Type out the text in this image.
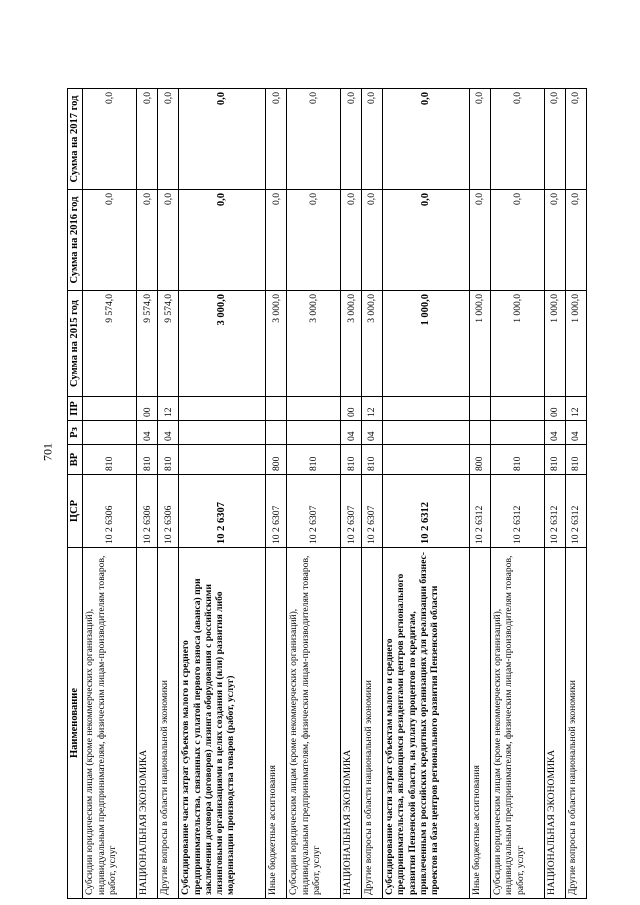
701
Наименование	ЦСР	ВР	Рз	ПР	Сумма на 2015 год	Сумма на 2016 год	Сумма на 2017 год
Субсидии юридическим лицам (кроме некоммерческих организаций), индивидуальным предпринимателям, физическим лицам-производителям товаров, работ, услуг	10 2 6306	810			9 574,0	0,0	0,0
НАЦИОНАЛЬНАЯ ЭКОНОМИКА	10 2 6306	810	04	00	9 574,0	0,0	0,0
Другие вопросы в области национальной экономики	10 2 6306	810	04	12	9 574,0	0,0	0,0
Субсидирование части затрат субъектов малого и среднего предпринимательства, связанных с уплатой первого взноса (аванса) при заключении договора (договоров) лизинга оборудования с российскими лизинговыми организациями в целях создания и (или) развития либо модернизации производства товаров (работ, услуг)	10 2 6307				3 000,0	0,0	0,0
Иные бюджетные ассигнования	10 2 6307	800			3 000,0	0,0	0,0
Субсидии юридическим лицам (кроме некоммерческих организаций), индивидуальным предпринимателям, физическим лицам-производителям товаров, работ, услуг	10 2 6307	810			3 000,0	0,0	0,0
НАЦИОНАЛЬНАЯ ЭКОНОМИКА	10 2 6307	810	04	00	3 000,0	0,0	0,0
Другие вопросы в области национальной экономики	10 2 6307	810	04	12	3 000,0	0,0	0,0
Субсидирование части затрат субъектам малого и среднего предпринимательства, являющимся резидентами центров регионального развития Пензенской области, на уплату процентов по кредитам, привлеченным в российских кредитных организациях для реализации бизнес-проектов на базе центров регионального развития Пензенской области	10 2 6312				1 000,0	0,0	0,0
Иные бюджетные ассигнования	10 2 6312	800			1 000,0	0,0	0,0
Субсидии юридическим лицам (кроме некоммерческих организаций), индивидуальным предпринимателям, физическим лицам-производителям товаров, работ, услуг	10 2 6312	810			1 000,0	0,0	0,0
НАЦИОНАЛЬНАЯ ЭКОНОМИКА	10 2 6312	810	04	00	1 000,0	0,0	0,0
Другие вопросы в области национальной экономики	10 2 6312	810	04	12	1 000,0	0,0	0,0
